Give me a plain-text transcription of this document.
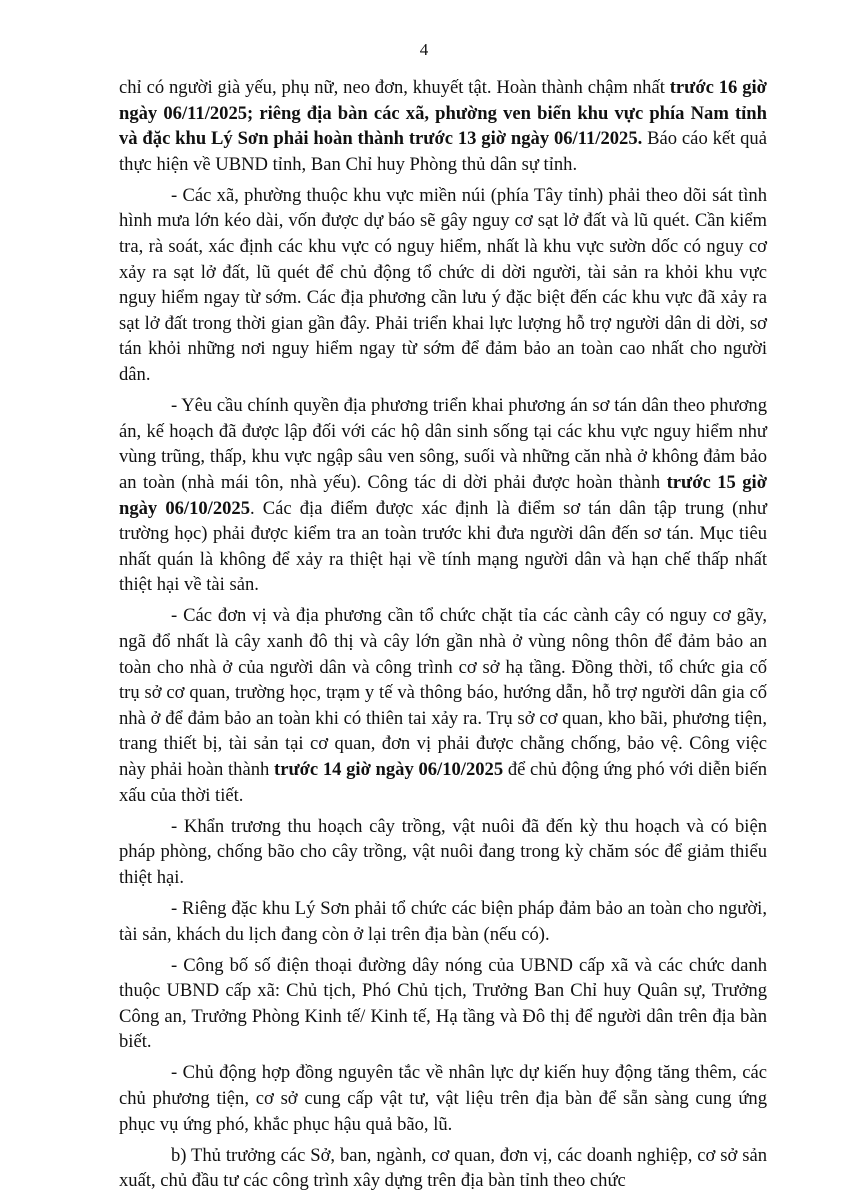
4

chỉ có người già yếu, phụ nữ, neo đơn, khuyết tật. Hoàn thành chậm nhất trước 16 giờ ngày 06/11/2025; riêng địa bàn các xã, phường ven biển khu vực phía Nam tỉnh và đặc khu Lý Sơn phải hoàn thành trước 13 giờ ngày 06/11/2025. Báo cáo kết quả thực hiện về UBND tỉnh, Ban Chỉ huy Phòng thủ dân sự tỉnh.

- Các xã, phường thuộc khu vực miền núi (phía Tây tỉnh) phải theo dõi sát tình hình mưa lớn kéo dài, vốn được dự báo sẽ gây nguy cơ sạt lở đất và lũ quét. Cần kiểm tra, rà soát, xác định các khu vực có nguy hiểm, nhất là khu vực sườn dốc có nguy cơ xảy ra sạt lở đất, lũ quét để chủ động tổ chức di dời người, tài sản ra khỏi khu vực nguy hiểm ngay từ sớm. Các địa phương cần lưu ý đặc biệt đến các khu vực đã xảy ra sạt lở đất trong thời gian gần đây. Phải triển khai lực lượng hỗ trợ người dân di dời, sơ tán khỏi những nơi nguy hiểm ngay từ sớm để đảm bảo an toàn cao nhất cho người dân.

- Yêu cầu chính quyền địa phương triển khai phương án sơ tán dân theo phương án, kế hoạch đã được lập đối với các hộ dân sinh sống tại các khu vực nguy hiểm như vùng trũng, thấp, khu vực ngập sâu ven sông, suối và những căn nhà ở không đảm bảo an toàn (nhà mái tôn, nhà yếu). Công tác di dời phải được hoàn thành trước 15 giờ ngày 06/10/2025. Các địa điểm được xác định là điểm sơ tán dân tập trung (như trường học) phải được kiểm tra an toàn trước khi đưa người dân đến sơ tán. Mục tiêu nhất quán là không để xảy ra thiệt hại về tính mạng người dân và hạn chế thấp nhất thiệt hại về tài sản.

- Các đơn vị và địa phương cần tổ chức chặt tỉa các cành cây có nguy cơ gãy, ngã đổ nhất là cây xanh đô thị và cây lớn gần nhà ở vùng nông thôn để đảm bảo an toàn cho nhà ở của người dân và công trình cơ sở hạ tầng. Đồng thời, tổ chức gia cố trụ sở cơ quan, trường học, trạm y tế và thông báo, hướng dẫn, hỗ trợ người dân gia cố nhà ở để đảm bảo an toàn khi có thiên tai xảy ra. Trụ sở cơ quan, kho bãi, phương tiện, trang thiết bị, tài sản tại cơ quan, đơn vị phải được chằng chống, bảo vệ. Công việc này phải hoàn thành trước 14 giờ ngày 06/10/2025 để chủ động ứng phó với diễn biến xấu của thời tiết.

- Khẩn trương thu hoạch cây trồng, vật nuôi đã đến kỳ thu hoạch và có biện pháp phòng, chống bão cho cây trồng, vật nuôi đang trong kỳ chăm sóc để giảm thiểu thiệt hại.

- Riêng đặc khu Lý Sơn phải tổ chức các biện pháp đảm bảo an toàn cho người, tài sản, khách du lịch đang còn ở lại trên địa bàn (nếu có).

- Công bố số điện thoại đường dây nóng của UBND cấp xã và các chức danh thuộc UBND cấp xã: Chủ tịch, Phó Chủ tịch, Trưởng Ban Chỉ huy Quân sự, Trưởng Công an, Trưởng Phòng Kinh tế/ Kinh tế, Hạ tầng và Đô thị để người dân trên địa bàn biết.

- Chủ động hợp đồng nguyên tắc về nhân lực dự kiến huy động tăng thêm, các chủ phương tiện, cơ sở cung cấp vật tư, vật liệu trên địa bàn để sẵn sàng cung ứng phục vụ ứng phó, khắc phục hậu quả bão, lũ.

b) Thủ trưởng các Sở, ban, ngành, cơ quan, đơn vị, các doanh nghiệp, cơ sở sản xuất, chủ đầu tư các công trình xây dựng trên địa bàn tỉnh theo chức
